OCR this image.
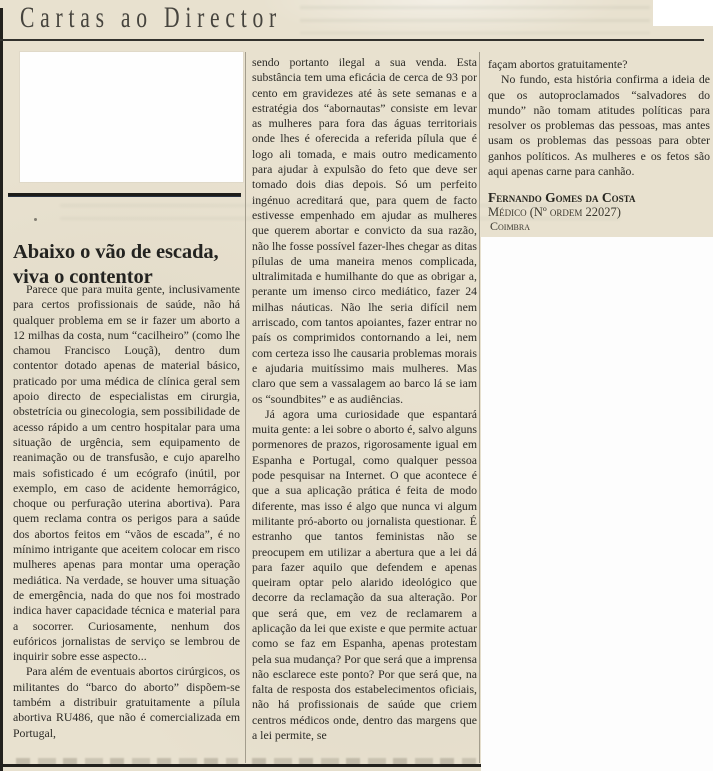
Cartas ao Director
Abaixo o vão de escada, viva o contentor

Parece que para muita gente, inclusivamente para certos profissionais de saúde, não há qualquer problema em se ir fazer um aborto a 12 milhas da costa, num “cacilheiro” (como lhe chamou Francisco Louçã), dentro dum contentor dotado apenas de material básico, praticado por uma médica de clínica geral sem apoio directo de especialistas em cirurgia, obstetrícia ou ginecologia, sem possibilidade de acesso rápido a um centro hospitalar para uma situação de urgência, sem equipamento de reanimação ou de transfusão, e cujo aparelho mais sofisticado é um ecógrafo (inútil, por exemplo, em caso de acidente hemorrágico, choque ou perfuração uterina abortiva). Para quem reclama contra os perigos para a saúde dos abortos feitos em “vãos de escada”, é no mínimo intrigante que aceitem colocar em risco mulheres apenas para montar uma operação mediática. Na verdade, se houver uma situação de emergência, nada do que nos foi mostrado indica haver capacidade técnica e material para a socorrer. Curiosamente, nenhum dos eufóricos jornalistas de serviço se lembrou de inquirir sobre esse aspecto...

Para além de eventuais abortos cirúrgicos, os militantes do “barco do aborto” dispõem-se também a distribuir gratuitamente a pílula abortiva RU486, que não é comercializada em Portugal,

sendo portanto ilegal a sua venda. Esta substância tem uma eficácia de cerca de 93 por cento em gravidezes até às sete semanas e a estratégia dos “abornautas” consiste em levar as mulheres para fora das águas territoriais onde lhes é oferecida a referida pílula que é logo ali tomada, e mais outro medicamento para ajudar à expulsão do feto que deve ser tomado dois dias depois. Só um perfeito ingénuo acreditará que, para quem de facto estivesse empenhado em ajudar as mulheres que querem abortar e convicto da sua razão, não lhe fosse possível fazer-lhes chegar as ditas pílulas de uma maneira menos complicada, ultralimitada e humilhante do que as obrigar a, perante um imenso circo mediático, fazer 24 milhas náuticas. Não lhe seria difícil nem arriscado, com tantos apoiantes, fazer entrar no país os comprimidos contornando a lei, nem com certeza isso lhe causaria problemas morais e ajudaria muitíssimo mais mulheres. Mas claro que sem a vassalagem ao barco lá se iam os “soundbites” e as audiências.

Já agora uma curiosidade que espantará muita gente: a lei sobre o aborto é, salvo alguns pormenores de prazos, rigorosamente igual em Espanha e Portugal, como qualquer pessoa pode pesquisar na Internet. O que acontece é que a sua aplicação prática é feita de modo diferente, mas isso é algo que nunca vi algum militante pró-aborto ou jornalista questionar. É estranho que tantos feministas não se preocupem em utilizar a abertura que a lei dá para fazer aquilo que defendem e apenas queiram optar pelo alarido ideológico que decorre da reclamação da sua alteração. Por que será que, em vez de reclamarem a aplicação da lei que existe e que permite actuar como se faz em Espanha, apenas protestam pela sua mudança? Por que será que a imprensa não esclarece este ponto? Por que será que, na falta de resposta dos estabelecimentos oficiais, não há profissionais de saúde que criem centros médicos onde, dentro das margens que a lei permite, se

façam abortos gratuitamente?

No fundo, esta história confirma a ideia de que os autoproclamados “salvadores do mundo” não tomam atitudes políticas para resolver os problemas das pessoas, mas antes usam os problemas das pessoas para obter ganhos políticos. As mulheres e os fetos são aqui apenas carne para canhão.

Fernando Gomes da Costa
Médico (Nº ordem 22027)
Coimbra
